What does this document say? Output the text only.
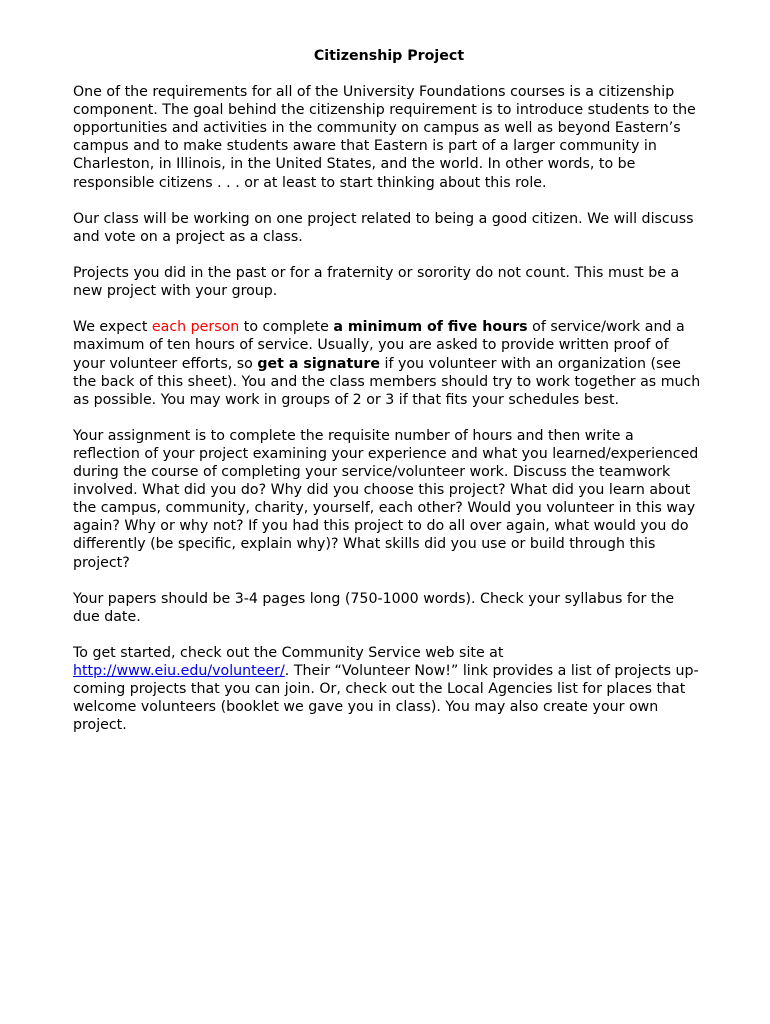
Citizenship Project

One of the requirements for all of the University Foundations courses is a citizenship component. The goal behind the citizenship requirement is to introduce students to the opportunities and activities in the community on campus as well as beyond Eastern’s campus and to make students aware that Eastern is part of a larger community in Charleston, in Illinois, in the United States, and the world. In other words, to be responsible citizens . . . or at least to start thinking about this role.

Our class will be working on one project related to being a good citizen. We will discuss and vote on a project as a class.

Projects you did in the past or for a fraternity or sorority do not count. This must be a new project with your group.

We expect each person to complete a minimum of five hours of service/work and a maximum of ten hours of service. Usually, you are asked to provide written proof of your volunteer efforts, so get a signature if you volunteer with an organization (see the back of this sheet). You and the class members should try to work together as much as possible. You may work in groups of 2 or 3 if that fits your schedules best.

Your assignment is to complete the requisite number of hours and then write a reflection of your project examining your experience and what you learned/experienced during the course of completing your service/volunteer work. Discuss the teamwork involved. What did you do? Why did you choose this project? What did you learn about the campus, community, charity, yourself, each other? Would you volunteer in this way again? Why or why not? If you had this project to do all over again, what would you do differently (be specific, explain why)? What skills did you use or build through this project?

Your papers should be 3-4 pages long (750-1000 words). Check your syllabus for the due date.

To get started, check out the Community Service web site at http://www.eiu.edu/volunteer/. Their “Volunteer Now!” link provides a list of projects up-coming projects that you can join. Or, check out the Local Agencies list for places that welcome volunteers (booklet we gave you in class). You may also create your own project.
